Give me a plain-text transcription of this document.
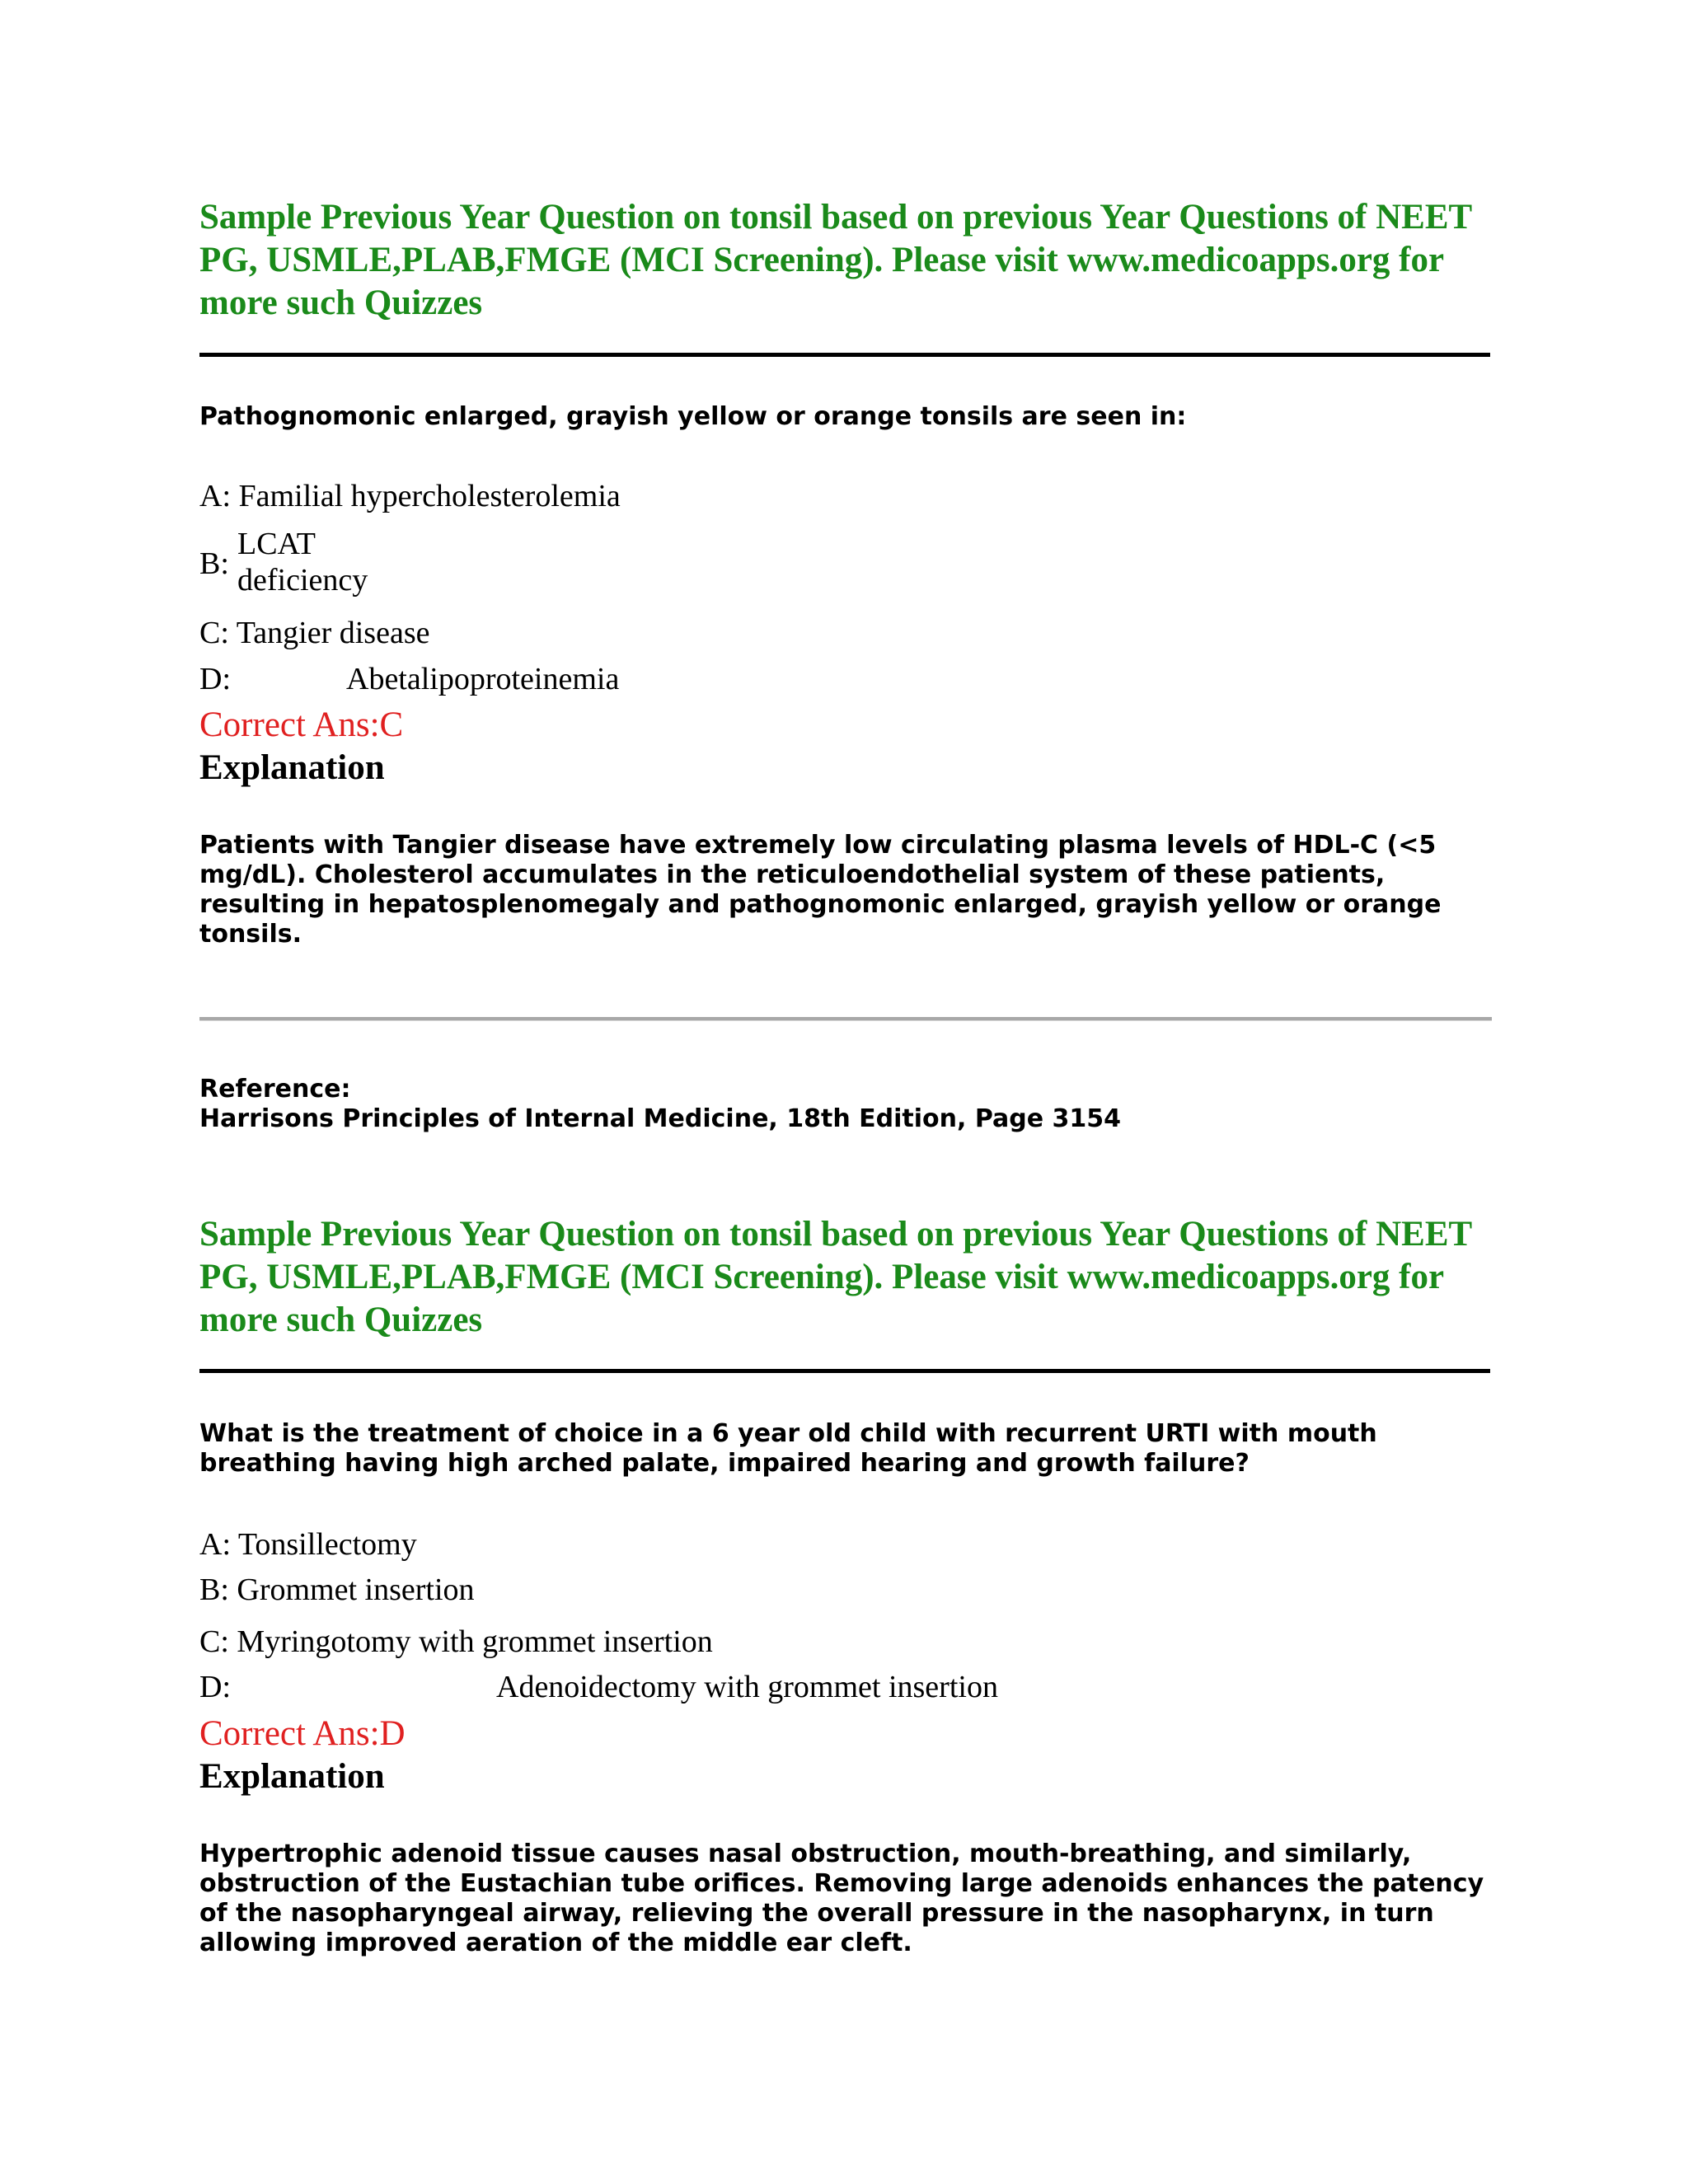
Sample Previous Year Question on tonsil based on previous Year Questions of NEET PG, USMLE,PLAB,FMGE (MCI Screening). Please visit www.medicoapps.org for more such Quizzes

Pathognomonic enlarged, grayish yellow or orange tonsils are seen in:

A: Familial hypercholesterolemia
B:
LCAT deficiency
C: Tangier disease
D:	Abetalipoproteinemia
Correct Ans:C
Explanation

Patients with Tangier disease have extremely low circulating plasma levels of HDL-C (<5 mg/dL). Cholesterol accumulates in the reticuloendothelial system of these patients, resulting in hepatosplenomegaly and pathognomonic enlarged, grayish yellow or orange tonsils.

Reference:

Harrisons Principles of Internal Medicine, 18th Edition, Page 3154

Sample Previous Year Question on tonsil based on previous Year Questions of NEET PG, USMLE,PLAB,FMGE (MCI Screening). Please visit www.medicoapps.org for more such Quizzes

What is the treatment of choice in a 6 year old child with recurrent URTI with mouth breathing having high arched palate, impaired hearing and growth failure?

A: Tonsillectomy
B: Grommet insertion
C: Myringotomy with grommet insertion
D:	Adenoidectomy with grommet insertion
Correct Ans:D
Explanation

Hypertrophic adenoid tissue causes nasal obstruction, mouth-breathing, and similarly, obstruction of the Eustachian tube orifices. Removing large adenoids enhances the patency of the nasopharyngeal airway, relieving the overall pressure in the nasopharynx, in turn allowing improved aeration of the middle ear cleft.
